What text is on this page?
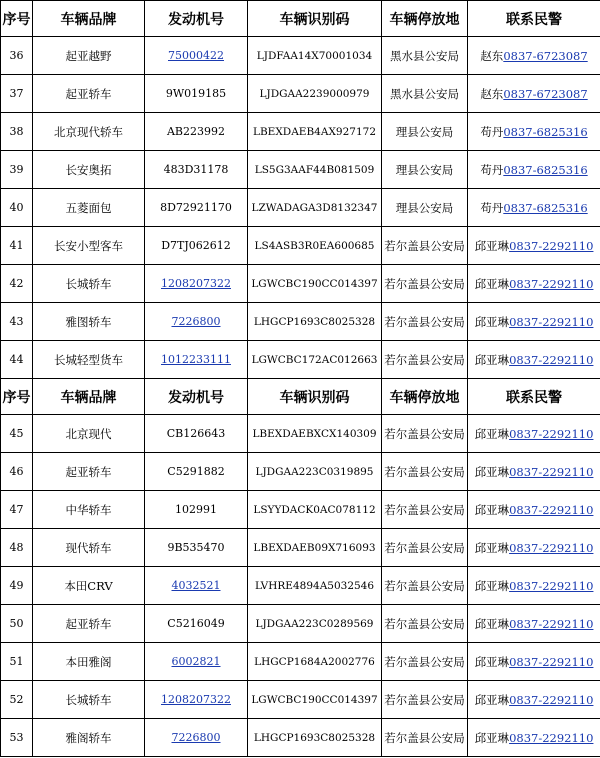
序号	车辆品牌	发动机号	车辆识别码	车辆停放地	联系民警
36	起亚越野	75000422	LJDFAA14X70001034	黑水县公安局	赵东0837-6723087
37	起亚轿车	9W019185	LJDGAA2239000979	黑水县公安局	赵东0837-6723087
38	北京现代轿车	AB223992	LBEXDAEB4AX927172	理县公安局	苟丹0837-6825316
39	长安奥拓	483D31178	LS5G3AAF44B081509	理县公安局	苟丹0837-6825316
40	五菱面包	8D72921170	LZWADAGA3D8132347	理县公安局	苟丹0837-6825316
41	长安小型客车	D7TJ062612	LS4ASB3R0EA600685	若尔盖县公安局	邱亚琳0837-2292110
42	长城轿车	1208207322	LGWCBC190CC014397	若尔盖县公安局	邱亚琳0837-2292110
43	雅图轿车	7226800	LHGCP1693C8025328	若尔盖县公安局	邱亚琳0837-2292110
44	长城轻型货车	1012233111	LGWCBC172AC012663	若尔盖县公安局	邱亚琳0837-2292110
序号	车辆品牌	发动机号	车辆识别码	车辆停放地	联系民警
45	北京现代	CB126643	LBEXDAEBXCX140309	若尔盖县公安局	邱亚琳0837-2292110
46	起亚轿车	C5291882	LJDGAA223C0319895	若尔盖县公安局	邱亚琳0837-2292110
47	中华轿车	102991	LSYYDACK0AC078112	若尔盖县公安局	邱亚琳0837-2292110
48	现代轿车	9B535470	LBEXDAEB09X716093	若尔盖县公安局	邱亚琳0837-2292110
49	本田CRV	4032521	LVHRE4894A5032546	若尔盖县公安局	邱亚琳0837-2292110
50	起亚轿车	C5216049	LJDGAA223C0289569	若尔盖县公安局	邱亚琳0837-2292110
51	本田雅阁	6002821	LHGCP1684A2002776	若尔盖县公安局	邱亚琳0837-2292110
52	长城轿车	1208207322	LGWCBC190CC014397	若尔盖县公安局	邱亚琳0837-2292110
53	雅阁轿车	7226800	LHGCP1693C8025328	若尔盖县公安局	邱亚琳0837-2292110
